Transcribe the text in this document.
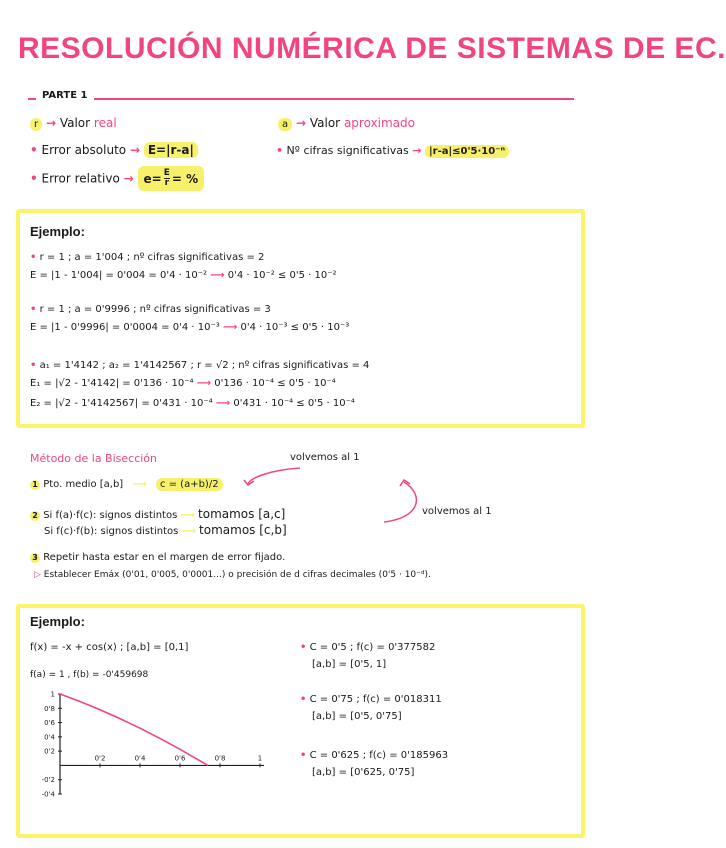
RESOLUCIÓN NUMÉRICA DE SISTEMAS DE EC.
PARTE 1
r → Valor real	a → Valor aproximado
• Error absoluto → E=|r-a|	• Nº cifras significativas → |r-a|≤0'5·10⁻ⁿ
• Error relativo → $e= \frac{E}{r}$ = %
Ejemplo:
• r = 1 ; a = 1'004 ; nº cifras significativas = 2
E = |1 - 1'004| = 0'004 = 0'4 · 10⁻² ⟶ 0'4 · 10⁻² ≤ 0'5 · 10⁻²
• r = 1 ; a = 0'9996 ; nº cifras significativas = 3
E = |1 - 0'9996| = 0'0004 = 0'4 · 10⁻³ ⟶ 0'4 · 10⁻³ ≤ 0'5 · 10⁻³
• a₁ = 1'4142 ; a₂ = 1'4142567 ; r = √2 ; nº cifras significativas = 4
E₁ = |√2 - 1'4142| = 0'136 · 10⁻⁴ ⟶ 0'136 · 10⁻⁴ ≤ 0'5 · 10⁻⁴
E₂ = |√2 - 1'4142567| = 0'431 · 10⁻⁴ ⟶ 0'431 · 10⁻⁴ ≤ 0'5 · 10⁻⁴
Método de la Bisección	volvemos al 1
volvemos al 1
1 Pto. medio [a,b] ⟶ c = (a+b)/2
2 Si f(a)·f(c): signos distintos ⟶ tomamos [a,c]
Si f(c)·f(b): signos distintos ⟶ tomamos [c,b]
3 Repetir hasta estar en el margen de error fijado.
▷ Establecer Emáx (0'01, 0'005, 0'0001...) o precisión de d cifras decimales (0'5 · 10⁻ᵈ).
Ejemplo:
f(x) = -x + cos(x) ; [a,b] = [0,1]
f(a) = 1 , f(b) = -0'459698
0'2	0'4	0'6	0'8	1
1
0'8
0'6
0'4
0'2
-0'2
-0'4
• C = 0'5 ; f(c) = 0'377582
[a,b] = [0'5, 1]
• C = 0'75 ; f(c) = 0'018311
[a,b] = [0'5, 0'75]
• C = 0'625 ; f(c) = 0'185963
[a,b] = [0'625, 0'75]
